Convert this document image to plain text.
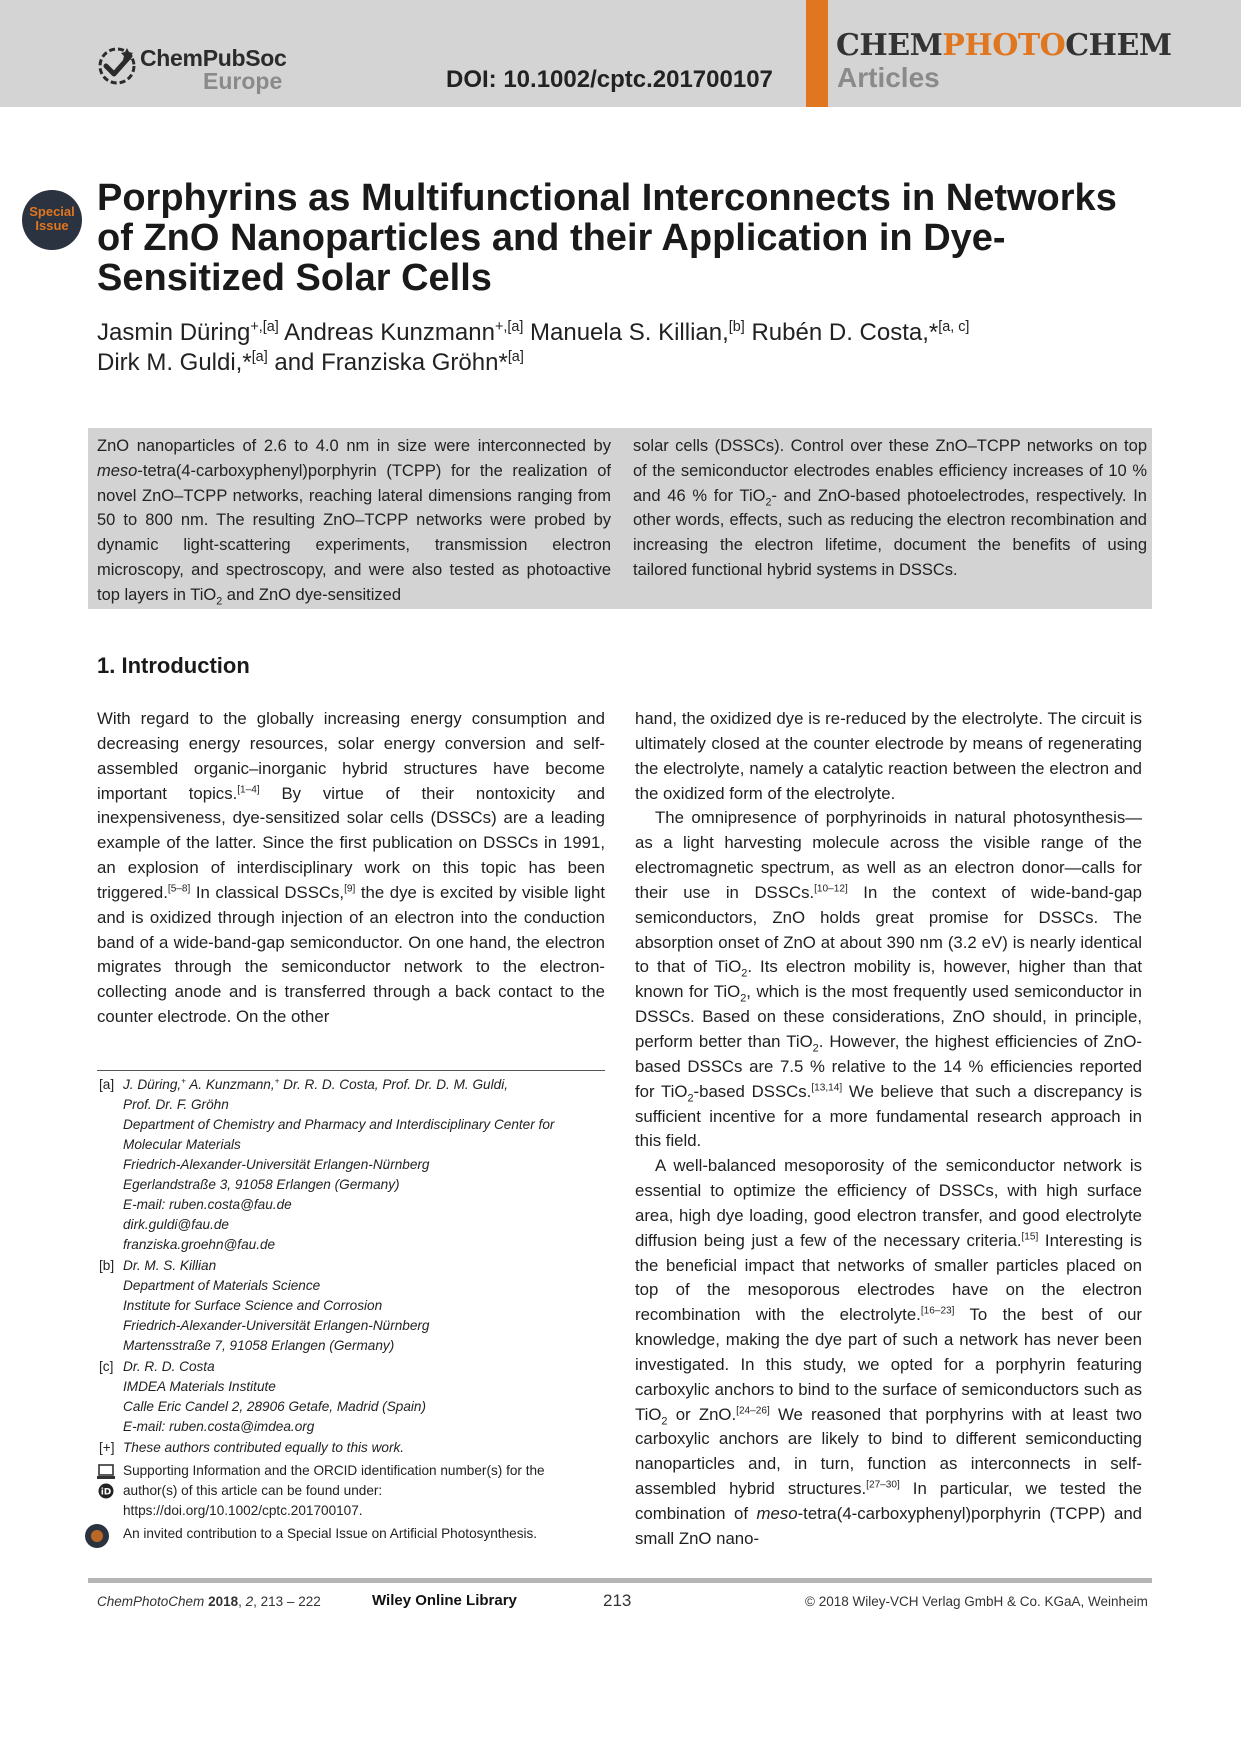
ChemPubSoc
Europe	DOI: 10.1002/cptc.201700107
CHEMPHOTOCHEM
Articles
Special
Issue
Porphyrins as Multifunctional Interconnects in Networks of ZnO Nanoparticles and their Application in Dye-Sensitized Solar Cells
Jasmin Düring$^{+,[a]}$ Andreas Kunzmann$^{+,[a]}$ Manuela S. Killian,[b] Rubén D. Costa,*[a, c]
Dirk M. Guldi,*[a] and Franziska Gröhn*[a]
ZnO nanoparticles of 2.6 to 4.0 nm in size were interconnected by meso-tetra(4-carboxyphenyl)porphyrin (TCPP) for the realization of novel ZnO–TCPP networks, reaching lateral dimensions ranging from 50 to 800 nm. The resulting ZnO–TCPP networks were probed by dynamic light-scattering experiments, transmission electron microscopy, and spectroscopy, and were also tested as photoactive top layers in TiO$_2$ and ZnO dye-sensitized
solar cells (DSSCs). Control over these ZnO–TCPP networks on top of the semiconductor electrodes enables efficiency increases of 10 % and 46 % for TiO$_2$- and ZnO-based photoelectrodes, respectively. In other words, effects, such as reducing the electron recombination and increasing the electron lifetime, document the benefits of using tailored functional hybrid systems in DSSCs.
1. Introduction

With regard to the globally increasing energy consumption and decreasing energy resources, solar energy conversion and self-assembled organic–inorganic hybrid structures have become important topics.[1–4] By virtue of their nontoxicity and inexpensiveness, dye-sensitized solar cells (DSSCs) are a leading example of the latter. Since the first publication on DSSCs in 1991, an explosion of interdisciplinary work on this topic has been triggered.[5–8] In classical DSSCs,[9] the dye is excited by visible light and is oxidized through injection of an electron into the conduction band of a wide-band-gap semiconductor. On one hand, the electron migrates through the semiconductor network to the electron-collecting anode and is transferred through a back contact to the counter electrode. On the other

hand, the oxidized dye is re-reduced by the electrolyte. The circuit is ultimately closed at the counter electrode by means of regenerating the electrolyte, namely a catalytic reaction between the electron and the oxidized form of the electrolyte.

The omnipresence of porphyrinoids in natural photosynthesis—as a light harvesting molecule across the visible range of the electromagnetic spectrum, as well as an electron donor—calls for their use in DSSCs.[10–12] In the context of wide-band-gap semiconductors, ZnO holds great promise for DSSCs. The absorption onset of ZnO at about 390 nm (3.2 eV) is nearly identical to that of TiO$_2$. Its electron mobility is, however, higher than that known for TiO$_2$, which is the most frequently used semiconductor in DSSCs. Based on these considerations, ZnO should, in principle, perform better than TiO$_2$. However, the highest efficiencies of ZnO-based DSSCs are 7.5 % relative to the 14 % efficiencies reported for TiO$_2$-based DSSCs.[13,14] We believe that such a discrepancy is sufficient incentive for a more fundamental research approach in this field.

A well-balanced mesoporosity of the semiconductor network is essential to optimize the efficiency of DSSCs, with high surface area, high dye loading, good electron transfer, and good electrolyte diffusion being just a few of the necessary criteria.[15] Interesting is the beneficial impact that networks of smaller particles placed on top of the mesoporous electrodes have on the electron recombination with the electrolyte.[16–23] To the best of our knowledge, making the dye part of such a network has never been investigated. In this study, we opted for a porphyrin featuring carboxylic anchors to bind to the surface of semiconductors such as TiO$_2$ or ZnO.[24–26] We reasoned that porphyrins with at least two carboxylic anchors are likely to bind to different semiconducting nanoparticles and, in turn, function as interconnects in self-assembled hybrid structures.[27–30] In particular, we tested the combination of meso-tetra(4-carboxyphenyl)porphyrin (TCPP) and small ZnO nano-

[a] J. Düring,+ A. Kunzmann,+ Dr. R. D. Costa, Prof. Dr. D. M. Guldi,
Prof. Dr. F. Gröhn
Department of Chemistry and Pharmacy and Interdisciplinary Center for
Molecular Materials
Friedrich-Alexander-Universität Erlangen-Nürnberg
Egerlandstraße 3, 91058 Erlangen (Germany)
E-mail: ruben.costa@fau.de
dirk.guldi@fau.de
franziska.groehn@fau.de
[b] Dr. M. S. Killian
Department of Materials Science
Institute for Surface Science and Corrosion
Friedrich-Alexander-Universität Erlangen-Nürnberg
Martensstraße 7, 91058 Erlangen (Germany)
[c] Dr. R. D. Costa
IMDEA Materials Institute
Calle Eric Candel 2, 28906 Getafe, Madrid (Spain)
E-mail: ruben.costa@imdea.org
[+] These authors contributed equally to this work.
iD
Supporting Information and the ORCID identification number(s) for the
author(s) of this article can be found under:
https://doi.org/10.1002/cptc.201700107.
An invited contribution to a Special Issue on Artificial Photosynthesis.
ChemPhotoChem 2018, 2, 213 – 222	Wiley Online Library	213	© 2018 Wiley-VCH Verlag GmbH & Co. KGaA, Weinheim
